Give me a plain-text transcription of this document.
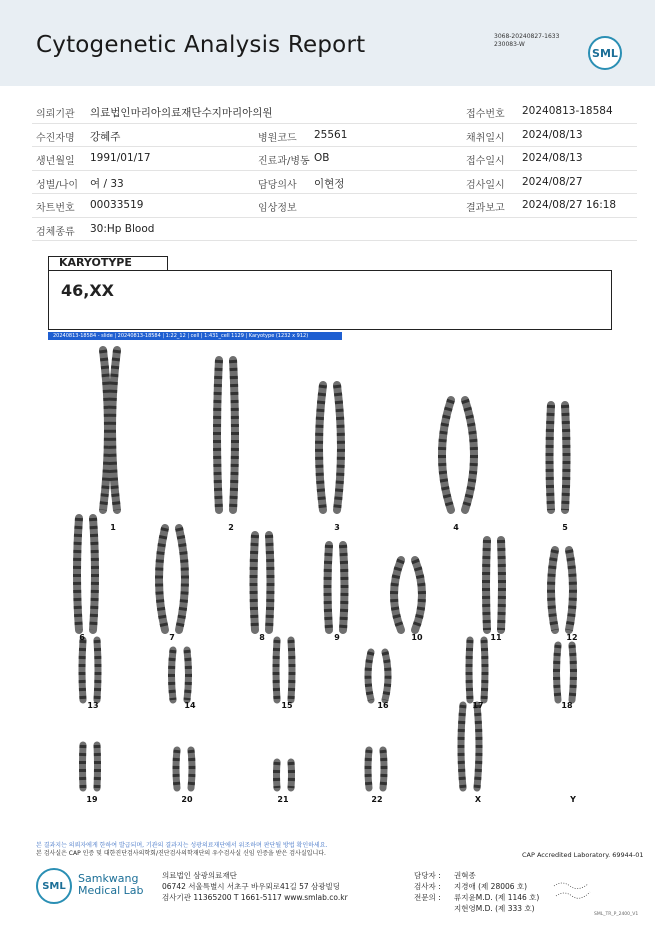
Cytogenetic Analysis Report	3068-20240827-1633
230083-W
SML
의뢰기관 의료법인마리아의료재단수지마리아의원	접수번호 20240813-18584
수진자명 강혜주	병원코드 25561	채취일시 2024/08/13
생년월일 1991/01/17	진료과/병동 OB	접수일시 2024/08/13
성별/나이 여 / 33	담당의사 이현정	검사일시 2024/08/27
차트번호 00033519	임상정보	결과보고 2024/08/27 16:18
검체종류 30:Hp Blood
KARYOTYPE
46,XX
20240813-18584 - slide | 20240813-18584 | 1:22_12 | cell | 1:431_cell 1129 | Karyotype (1232 x 912)
1	2	3	4	5
6	7	8	9	10	11	12
13	14	15	16	17	18
19	20	21	22	X	Y
본 결과지는 의뢰자에게 한하여 발급되며, 기관의 결과지는 성광의료재단에서 위조하며 판단될 방법 확인하세요.
본 검사실은 CAP 인증 및 대한진단검사의학회/진단검사의학재단의 우수검사실 신임 인증을 받은 검사실입니다.	CAP Accredited Laboratory. 69944-01
SML
Samkwang
Medical Lab
의료법인 삼광의료재단
06742 서울특별시 서초구 바우뫼로41길 57 삼광빌딩
검사기관 11365200 T 1661-5117 www.smlab.co.kr
담당자 : 권혁종
검사자 : 지경애 (제 28006 호)
전문의 : 류지윤M.D. (제 1146 호)
지현영M.D. (제 333 호)
SML_TR_P_2400_V1
